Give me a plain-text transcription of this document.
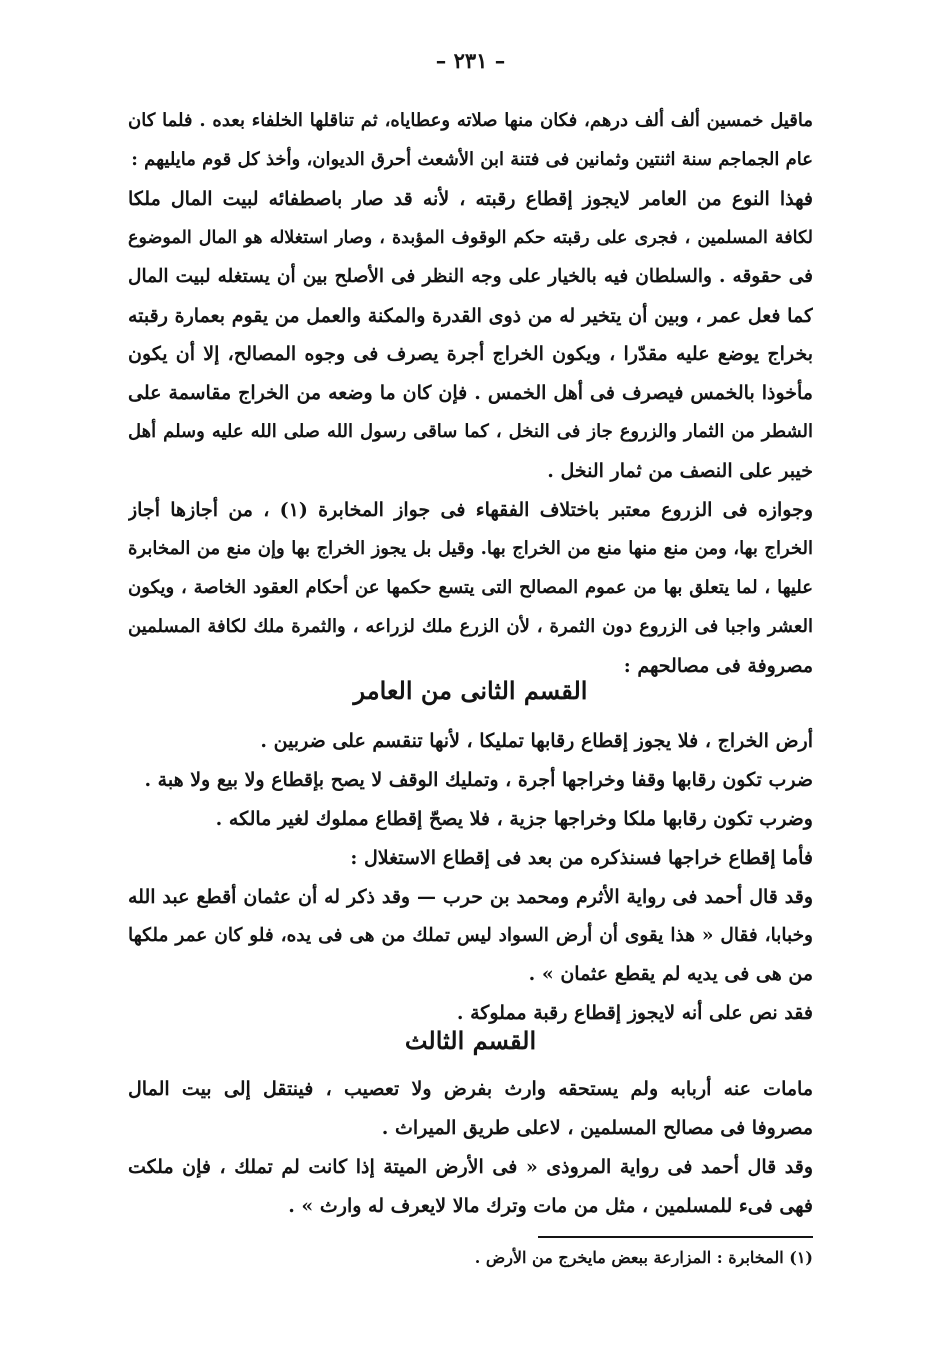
– ٢٣١ –
ماقيل خمسين ألف ألف درهم، فكان منها صلاته وعطاياه، ثم تناقلها الخلفاء بعده . فلما كان
عام الجماجم سنة اثنتين وثمانين فى فتنة ابن الأشعث أحرق الديوان، وأخذ كل قوم مايليهم :
فهذا النوع من العامر لايجوز إقطاع رقبته ، لأنه قد صار باصطفائه لبيت المال ملكا
لكافة المسلمين ، فجرى على رقبته حكم الوقوف المؤبدة ، وصار استغلاله هو المال الموضوع
فى حقوقه . والسلطان فيه بالخيار على وجه النظر فى الأصلح بين أن يستغله لبيت المال
كما فعل عمر ، وبين أن يتخير له من ذوى القدرة والمكنة والعمل من يقوم بعمارة رقبته
بخراج يوضع عليه مقدّرا ، ويكون الخراج أجرة يصرف فى وجوه المصالح، إلا أن يكون
مأخوذا بالخمس فيصرف فى أهل الخمس . فإن كان ما وضعه من الخراج مقاسمة على
الشطر من الثمار والزروع جاز فى النخل ، كما ساقى رسول الله صلى الله عليه وسلم أهل
خيبر على النصف من ثمار النخل .
وجوازه فى الزروع معتبر باختلاف الفقهاء فى جواز المخابرة (١) ، من أجازها أجاز
الخراج بها، ومن منع منها منع من الخراج بها. وقيل بل يجوز الخراج بها وإن منع من المخابرة
عليها ، لما يتعلق بها من عموم المصالح التى يتسع حكمها عن أحكام العقود الخاصة ، ويكون
العشر واجبا فى الزروع دون الثمرة ، لأن الزرع ملك لزراعه ، والثمرة ملك لكافة المسلمين
مصروفة فى مصالحهم :
القسم الثانى من العامر
أرض الخراج ، فلا يجوز إقطاع رقابها تمليكا ، لأنها تنقسم على ضربين .
ضرب تكون رقابها وقفا وخراجها أجرة ، وتمليك الوقف لا يصح بإقطاع ولا بيع ولا هبة .
وضرب تكون رقابها ملكا وخراجها جزية ، فلا يصحّ إقطاع مملوك لغير مالكه .
فأما إقطاع خراجها فسنذكره من بعد فى إقطاع الاستغلال :
وقد قال أحمد فى رواية الأثرم ومحمد بن حرب — وقد ذكر له أن عثمان أقطع عبد الله
وخبابا، فقال « هذا يقوى أن أرض السواد ليس تملك من هى فى يده، فلو كان عمر ملكها
من هى فى يديه لم يقطع عثمان » .
فقد نص على أنه لايجوز إقطاع رقبة مملوكة .
القسم الثالث
مامات عنه أربابه ولم يستحقه وارث بفرض ولا تعصيب ، فينتقل إلى بيت المال
مصروفا فى مصالح المسلمين ، لاعلى طريق الميراث .
وقد قال أحمد فى رواية المروذى « فى الأرض الميتة إذا كانت لم تملك ، فإن ملكت
فهى فىء للمسلمين ، مثل من مات وترك مالا لايعرف له وارث » .
(١) المخابرة : المزارعة ببعض مايخرج من الأرض .
